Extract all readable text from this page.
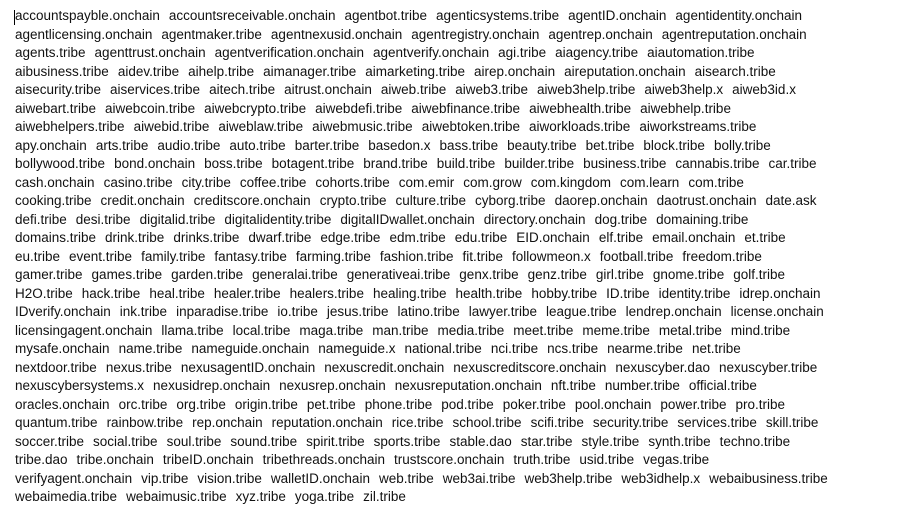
accountspayble.onchain accountsreceivable.onchain agentbot.tribe agenticsystems.tribe agentID.onchain agentidentity.onchain
agentlicensing.onchain agentmaker.tribe agentnexusid.onchain agentregistry.onchain agentrep.onchain agentreputation.onchain
agents.tribe agenttrust.onchain agentverification.onchain agentverify.onchain agi.tribe aiagency.tribe aiautomation.tribe
aibusiness.tribe aidev.tribe aihelp.tribe aimanager.tribe aimarketing.tribe airep.onchain aireputation.onchain aisearch.tribe
aisecurity.tribe aiservices.tribe aitech.tribe aitrust.onchain aiweb.tribe aiweb3.tribe aiweb3help.tribe aiweb3help.x aiweb3id.x
aiwebart.tribe aiwebcoin.tribe aiwebcrypto.tribe aiwebdefi.tribe aiwebfinance.tribe aiwebhealth.tribe aiwebhelp.tribe
aiwebhelpers.tribe aiwebid.tribe aiweblaw.tribe aiwebmusic.tribe aiwebtoken.tribe aiworkloads.tribe aiworkstreams.tribe
apy.onchain arts.tribe audio.tribe auto.tribe barter.tribe basedon.x bass.tribe beauty.tribe bet.tribe block.tribe bolly.tribe
bollywood.tribe bond.onchain boss.tribe botagent.tribe brand.tribe build.tribe builder.tribe business.tribe cannabis.tribe car.tribe
cash.onchain casino.tribe city.tribe coffee.tribe cohorts.tribe com.emir com.grow com.kingdom com.learn com.tribe
cooking.tribe credit.onchain creditscore.onchain crypto.tribe culture.tribe cyborg.tribe daorep.onchain daotrust.onchain date.ask
defi.tribe desi.tribe digitalid.tribe digitalidentity.tribe digitalIDwallet.onchain directory.onchain dog.tribe domaining.tribe
domains.tribe drink.tribe drinks.tribe dwarf.tribe edge.tribe edm.tribe edu.tribe EID.onchain elf.tribe email.onchain et.tribe
eu.tribe event.tribe family.tribe fantasy.tribe farming.tribe fashion.tribe fit.tribe followmeon.x football.tribe freedom.tribe
gamer.tribe games.tribe garden.tribe generalai.tribe generativeai.tribe genx.tribe genz.tribe girl.tribe gnome.tribe golf.tribe
H2O.tribe hack.tribe heal.tribe healer.tribe healers.tribe healing.tribe health.tribe hobby.tribe ID.tribe identity.tribe idrep.onchain
IDverify.onchain ink.tribe inparadise.tribe io.tribe jesus.tribe latino.tribe lawyer.tribe league.tribe lendrep.onchain license.onchain
licensingagent.onchain llama.tribe local.tribe maga.tribe man.tribe media.tribe meet.tribe meme.tribe metal.tribe mind.tribe
mysafe.onchain name.tribe nameguide.onchain nameguide.x national.tribe nci.tribe ncs.tribe nearme.tribe net.tribe
nextdoor.tribe nexus.tribe nexusagentID.onchain nexuscredit.onchain nexuscreditscore.onchain nexuscyber.dao nexuscyber.tribe
nexuscybersystems.x nexusidrep.onchain nexusrep.onchain nexusreputation.onchain nft.tribe number.tribe official.tribe
oracles.onchain orc.tribe org.tribe origin.tribe pet.tribe phone.tribe pod.tribe poker.tribe pool.onchain power.tribe pro.tribe
quantum.tribe rainbow.tribe rep.onchain reputation.onchain rice.tribe school.tribe scifi.tribe security.tribe services.tribe skill.tribe
soccer.tribe social.tribe soul.tribe sound.tribe spirit.tribe sports.tribe stable.dao star.tribe style.tribe synth.tribe techno.tribe
tribe.dao tribe.onchain tribeID.onchain tribethreads.onchain trustscore.onchain truth.tribe usid.tribe vegas.tribe
verifyagent.onchain vip.tribe vision.tribe walletID.onchain web.tribe web3ai.tribe web3help.tribe web3idhelp.x webaibusiness.tribe
webaimedia.tribe webaimusic.tribe xyz.tribe yoga.tribe zil.tribe
